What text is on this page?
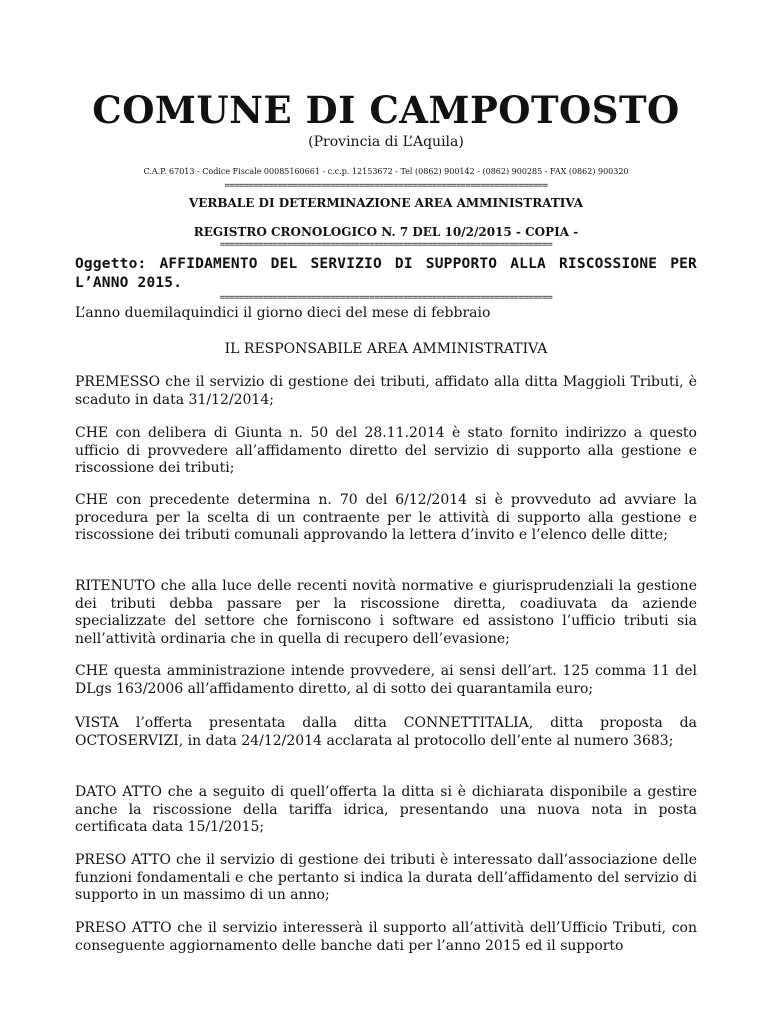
COMUNE DI CAMPOTOSTO
(Provincia di L’Aquila)
C.A.P. 67013 - Codice Fiscale 00085160661 - c.c.p. 12153672 - Tel (0862) 900142 - (0862) 900285 - FAX (0862) 900320
===================================================================
VERBALE DI DETERMINAZIONE AREA AMMINISTRATIVA
REGISTRO CRONOLOGICO N. 7 DEL 10/2/2015 - COPIA -
=====================================================================
Oggetto: AFFIDAMENTO DEL SERVIZIO DI SUPPORTO ALLA RISCOSSIONE PER L’ANNO 2015.
=====================================================================
L’anno duemilaquindici il giorno dieci del mese di febbraio
IL RESPONSABILE AREA AMMINISTRATIVA
PREMESSO che il servizio di gestione dei tributi, affidato alla ditta Maggioli Tributi, è scaduto in data 31/12/2014;
CHE con delibera di Giunta n. 50 del 28.11.2014 è stato fornito indirizzo a questo ufficio di provvedere all’affidamento diretto del servizio di supporto alla gestione e riscossione dei tributi;
CHE con precedente determina n. 70 del 6/12/2014 si è provveduto ad avviare la procedura per la scelta di un contraente per le attività di supporto alla gestione e riscossione dei tributi comunali approvando la lettera d’invito e l’elenco delle ditte;
RITENUTO che alla luce delle recenti novità normative e giurisprudenziali la gestione dei tributi debba passare per la riscossione diretta, coadiuvata da aziende specializzate del settore che forniscono i software ed assistono l’ufficio tributi sia nell’attività ordinaria che in quella di recupero dell’evasione;
CHE questa amministrazione intende provvedere, ai sensi dell’art. 125 comma 11 del DLgs 163/2006 all’affidamento diretto, al di sotto dei quarantamila euro;
VISTA l’offerta presentata dalla ditta CONNETTITALIA, ditta proposta da OCTOSERVIZI, in data 24/12/2014 acclarata al protocollo dell’ente al numero 3683;
DATO ATTO che a seguito di quell’offerta la ditta si è dichiarata disponibile a gestire anche la riscossione della tariffa idrica, presentando una nuova nota in posta certificata data 15/1/2015;
PRESO ATTO che il servizio di gestione dei tributi è interessato dall’associazione delle funzioni fondamentali e che pertanto si indica la durata dell’affidamento del servizio di supporto in un massimo di un anno;
PRESO ATTO che il servizio interesserà il supporto all’attività dell’Ufficio Tributi, con conseguente aggiornamento delle banche dati per l’anno 2015 ed il supporto
